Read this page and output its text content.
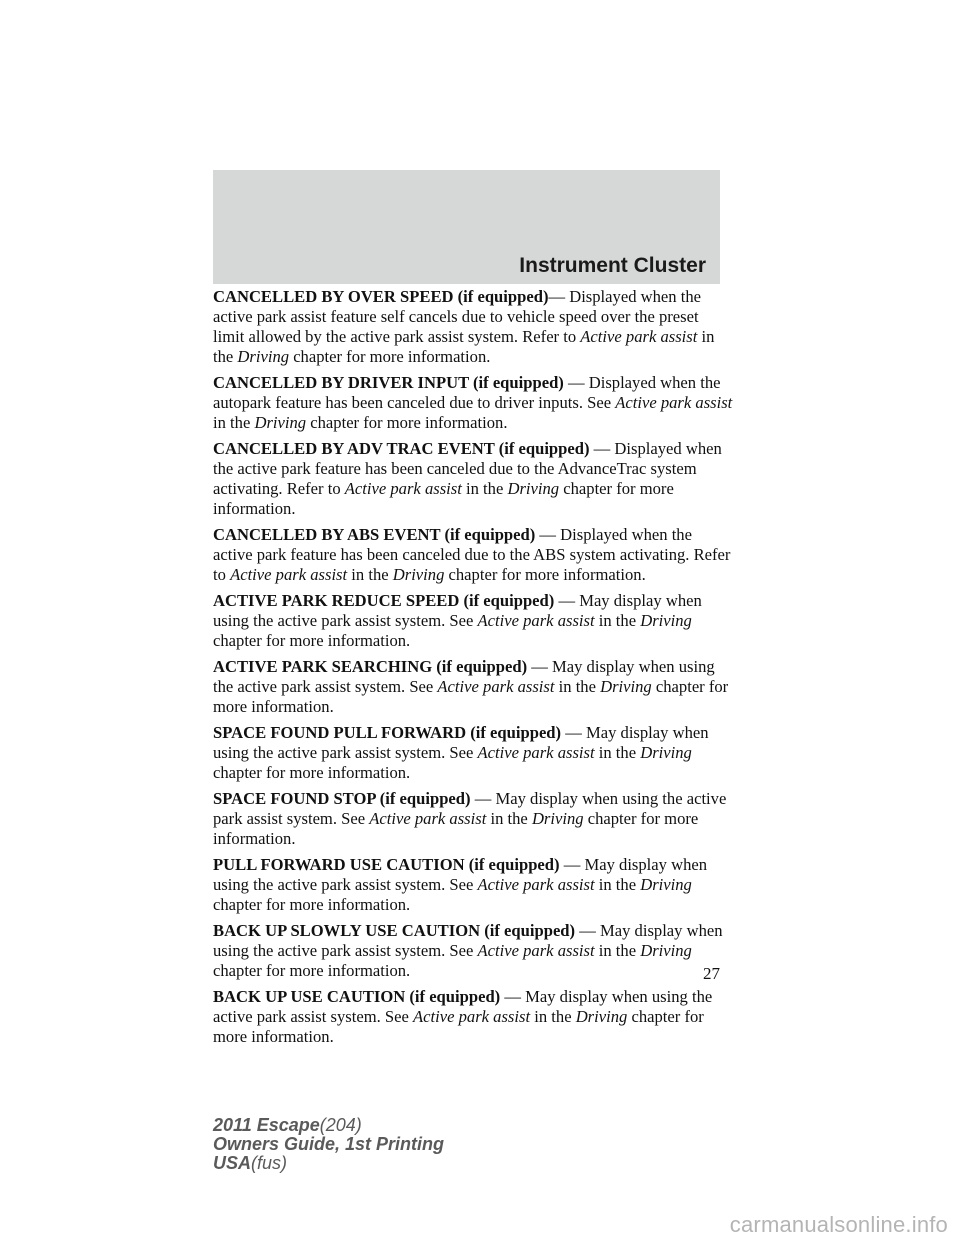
Instrument Cluster

CANCELLED BY OVER SPEED (if equipped)— Displayed when the active park assist feature self cancels due to vehicle speed over the preset limit allowed by the active park assist system. Refer to Active park assist in the Driving chapter for more information.

CANCELLED BY DRIVER INPUT (if equipped) — Displayed when the autopark feature has been canceled due to driver inputs. See Active park assist in the Driving chapter for more information.

CANCELLED BY ADV TRAC EVENT (if equipped) — Displayed when the active park feature has been canceled due to the AdvanceTrac system activating. Refer to Active park assist in the Driving chapter for more information.

CANCELLED BY ABS EVENT (if equipped) — Displayed when the active park feature has been canceled due to the ABS system activating. Refer to Active park assist in the Driving chapter for more information.

ACTIVE PARK REDUCE SPEED (if equipped) — May display when using the active park assist system. See Active park assist in the Driving chapter for more information.

ACTIVE PARK SEARCHING (if equipped) — May display when using the active park assist system. See Active park assist in the Driving chapter for more information.

SPACE FOUND PULL FORWARD (if equipped) — May display when using the active park assist system. See Active park assist in the Driving chapter for more information.

SPACE FOUND STOP (if equipped) — May display when using the active park assist system. See Active park assist in the Driving chapter for more information.

PULL FORWARD USE CAUTION (if equipped) — May display when using the active park assist system. See Active park assist in the Driving chapter for more information.

BACK UP SLOWLY USE CAUTION (if equipped) — May display when using the active park assist system. See Active park assist in the Driving chapter for more information.

BACK UP USE CAUTION (if equipped) — May display when using the active park assist system. See Active park assist in the Driving chapter for more information.

27
2011 Escape(204)
Owners Guide, 1st Printing
USA(fus)
carmanualsonline.info
